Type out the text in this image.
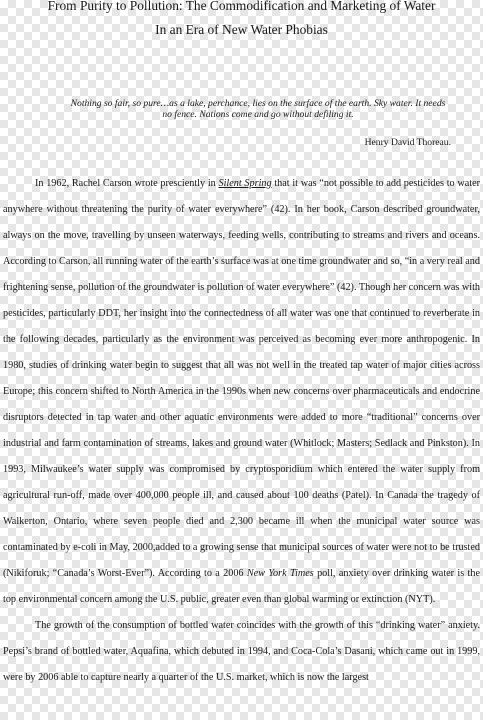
From Purity to Pollution: The Commodification and Marketing of Water
In an Era of New Water Phobias
Nothing so fair, so pure…as a lake, perchance, lies on the surface of the earth. Sky water. It needs
no fence. Nations come and go without defiling it.
Henry David Thoreau.

In 1962, Rachel Carson wrote presciently in Silent Spring that it was “not possible to add pesticides to water anywhere without threatening the purity of water everywhere” (42). In her book, Carson described groundwater, always on the move, travelling by unseen waterways, feeding wells, contributing to streams and rivers and oceans. According to Carson, all running water of the earth’s surface was at one time groundwater and so, “in a very real and frightening sense, pollution of the groundwater is pollution of water everywhere” (42). Though her concern was with pesticides, particularly DDT, her insight into the connectedness of all water was one that continued to reverberate in the following decades, particularly as the environment was perceived as becoming ever more anthropogenic. In 1980, studies of drinking water begin to suggest that all was not well in the treated tap water of major cities across Europe; this concern shifted to North America in the 1990s when new concerns over pharmaceuticals and endocrine disruptors detected in tap water and other aquatic environments were added to more “traditional” concerns over industrial and farm contamination of streams, lakes and ground water (Whitlock; Masters; Sedlack and Pinkston). In 1993, Milwaukee’s water supply was compromised by cryptosporidium which entered the water supply from agricultural run-off, made over 400,000 people ill, and caused about 100 deaths (Patel). In Canada the tragedy of Walkerton, Ontario, where seven people died and 2,300 became ill when the municipal water source was contaminated by e-coli in May, 2000,added to a growing sense that municipal sources of water were not to be trusted (Nikiforuk; “Canada’s Worst-Ever”). According to a 2006 New York Times poll, anxiety over drinking water is the top environmental concern among the U.S. public, greater even than global warming or extinction (NYT).

The growth of the consumption of bottled water coincides with the growth of this “drinking water” anxiety. Pepsi’s brand of bottled water, Aquafina, which debuted in 1994, and Coca-Cola’s Dasani, which came out in 1999, were by 2006 able to capture nearly a quarter of the U.S. market, which is now the largest
